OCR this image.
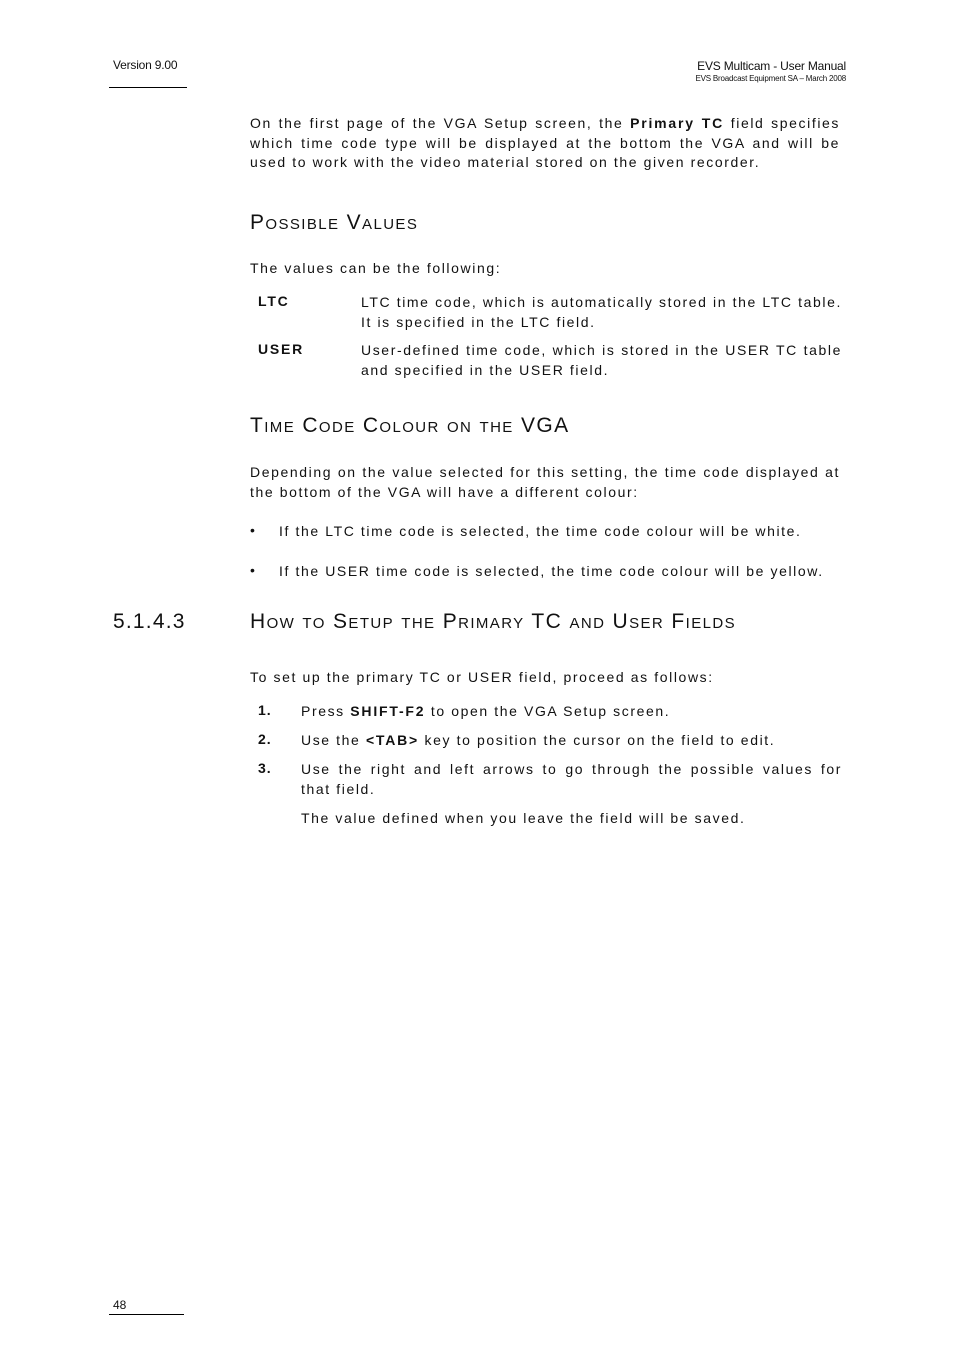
Version 9.00	EVS Multicam - User Manual
EVS Broadcast Equipment SA – March 2008
On the first page of the VGA Setup screen, the Primary TC field specifies which time code type will be displayed at the bottom the VGA and will be used to work with the video material stored on the given recorder.
Possible Values
The values can be the following:
LTC	LTC time code, which is automatically stored in the LTC table. It is specified in the LTC field.
USER	User-defined time code, which is stored in the USER TC table and specified in the USER field.
Time Code Colour on the VGA
Depending on the value selected for this setting, the time code displayed at the bottom of the VGA will have a different colour:
• If the LTC time code is selected, the time code colour will be white.
• If the USER time code is selected, the time code colour will be yellow.
5.1.4.3	How to Setup the Primary TC and User Fields
To set up the primary TC or USER field, proceed as follows:
1. Press SHIFT-F2 to open the VGA Setup screen.
2. Use the <TAB> key to position the cursor on the field to edit.
3. Use the right and left arrows to go through the possible values for that field.
The value defined when you leave the field will be saved.
48
